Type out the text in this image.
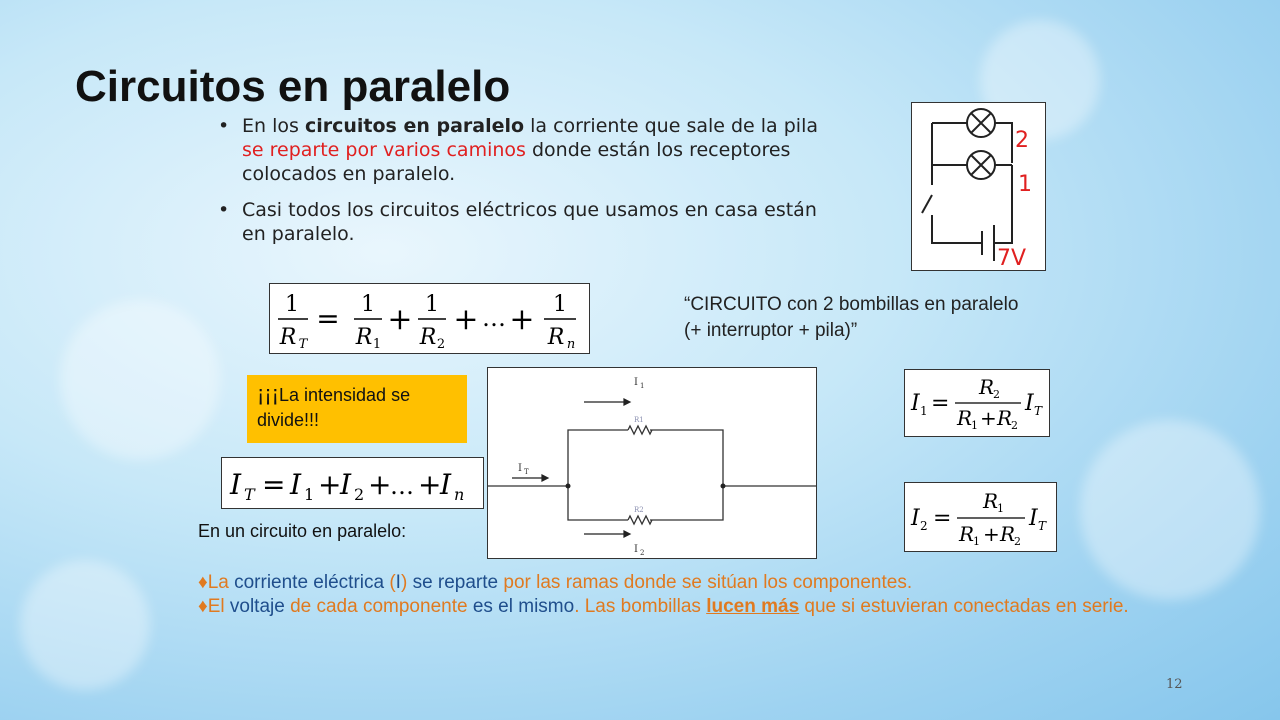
Circuitos en paralelo
• En los circuitos en paralelo la corriente que sale de la pila se reparte por varios caminos donde están los receptores colocados en paralelo.
• Casi todos los circuitos eléctricos que usamos en casa están en paralelo.
2
1
7V
“CIRCUITO con 2 bombillas en paralelo
(+ interruptor + pila)”
1
R T
= 1
R 1
+ 1
R 2
+ … + 1
R n
¡¡¡La intensidad se divide!!!
I T = I 1 +
I 2 +
… +
I n
I 1
R1
I T
R2
I 2
I 1 =
R
2
R
1 + R
2
I T
I 2 =
R
1
R
1 + R
2
I T
En un circuito en paralelo:
♦La corriente eléctrica (I) se reparte por las ramas donde se sitúan los componentes.
♦El voltaje de cada componente es el mismo. Las bombillas lucen más que si estuvieran conectadas en serie.
12
